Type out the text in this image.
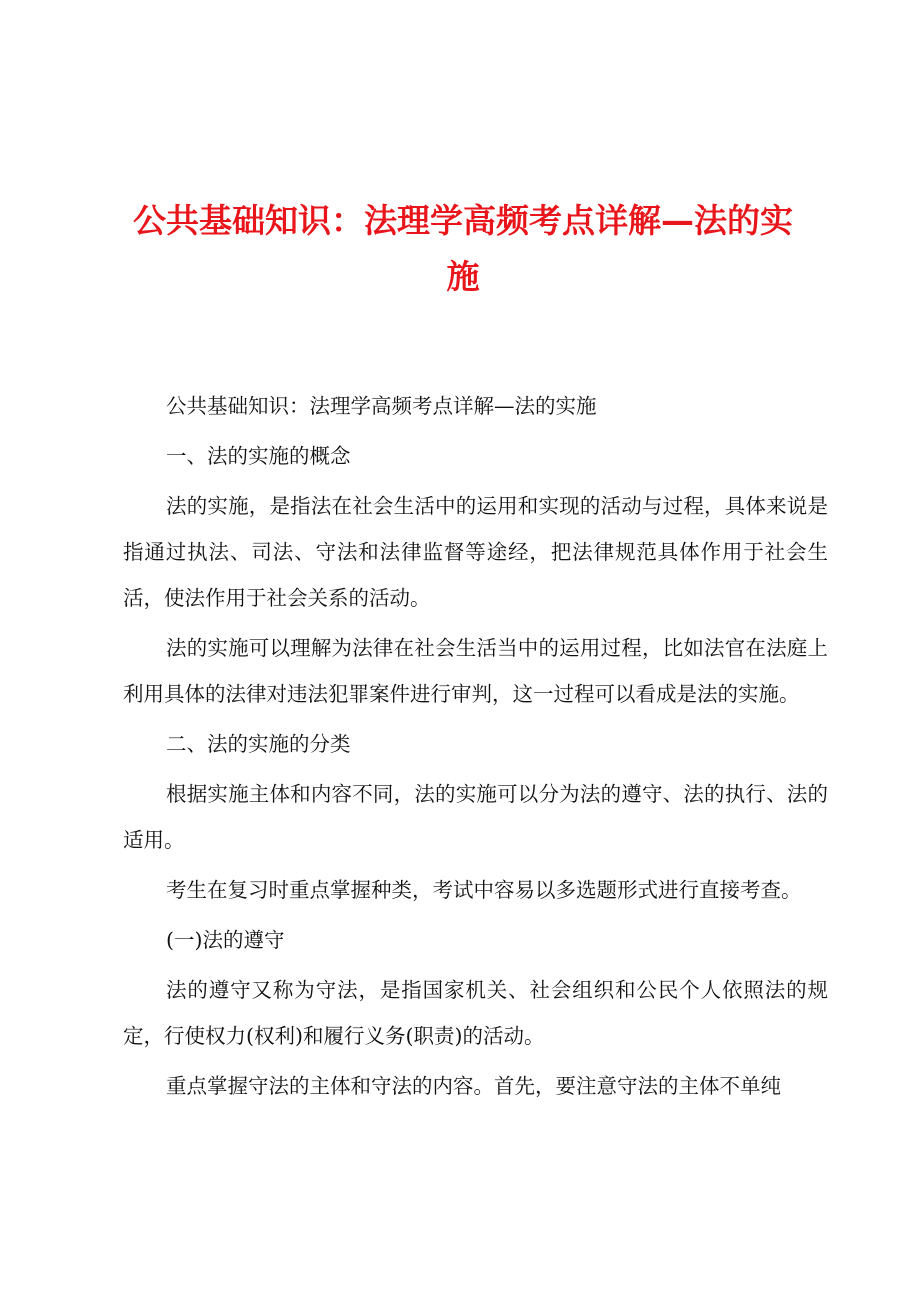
公共基础知识：法理学高频考点详解—法的实施

公共基础知识：法理学高频考点详解—法的实施

一、法的实施的概念

法的实施，是指法在社会生活中的运用和实现的活动与过程，具体来说是指通过执法、司法、守法和法律监督等途经，把法律规范具体作用于社会生活，使法作用于社会关系的活动。

法的实施可以理解为法律在社会生活当中的运用过程，比如法官在法庭上利用具体的法律对违法犯罪案件进行审判，这一过程可以看成是法的实施。

二、法的实施的分类

根据实施主体和内容不同，法的实施可以分为法的遵守、法的执行、法的适用。

考生在复习时重点掌握种类，考试中容易以多选题形式进行直接考查。

(一)法的遵守

法的遵守又称为守法，是指国家机关、社会组织和公民个人依照法的规定，行使权力(权利)和履行义务(职责)的活动。

重点掌握守法的主体和守法的内容。首先，要注意守法的主体不单纯
